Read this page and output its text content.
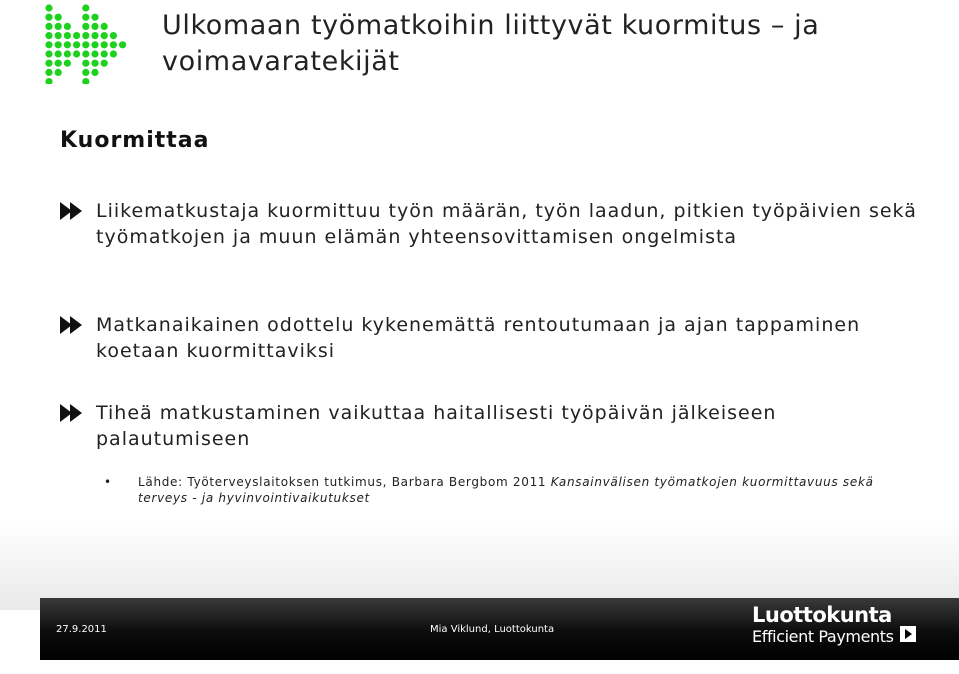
Ulkomaan työmatkoihin liittyvät kuormitus – ja voimavaratekijät
Kuormittaa
Liikematkustaja kuormittuu työn määrän, työn laadun, pitkien työpäivien sekä työmatkojen ja muun elämän yhteensovittamisen ongelmista
Matkanaikainen odottelu kykenemättä rentoutumaan ja ajan tappaminen koetaan kuormittaviksi
Tiheä matkustaminen vaikuttaa haitallisesti työpäivän jälkeiseen palautumiseen
• Lähde: Työterveyslaitoksen tutkimus, Barbara Bergbom 2011 Kansainvälisen työmatkojen kuormittavuus sekä terveys - ja hyvinvointivaikutukset
27.9.2011	Mia Viklund, Luottokunta
Luottokunta
Efficient Payments
